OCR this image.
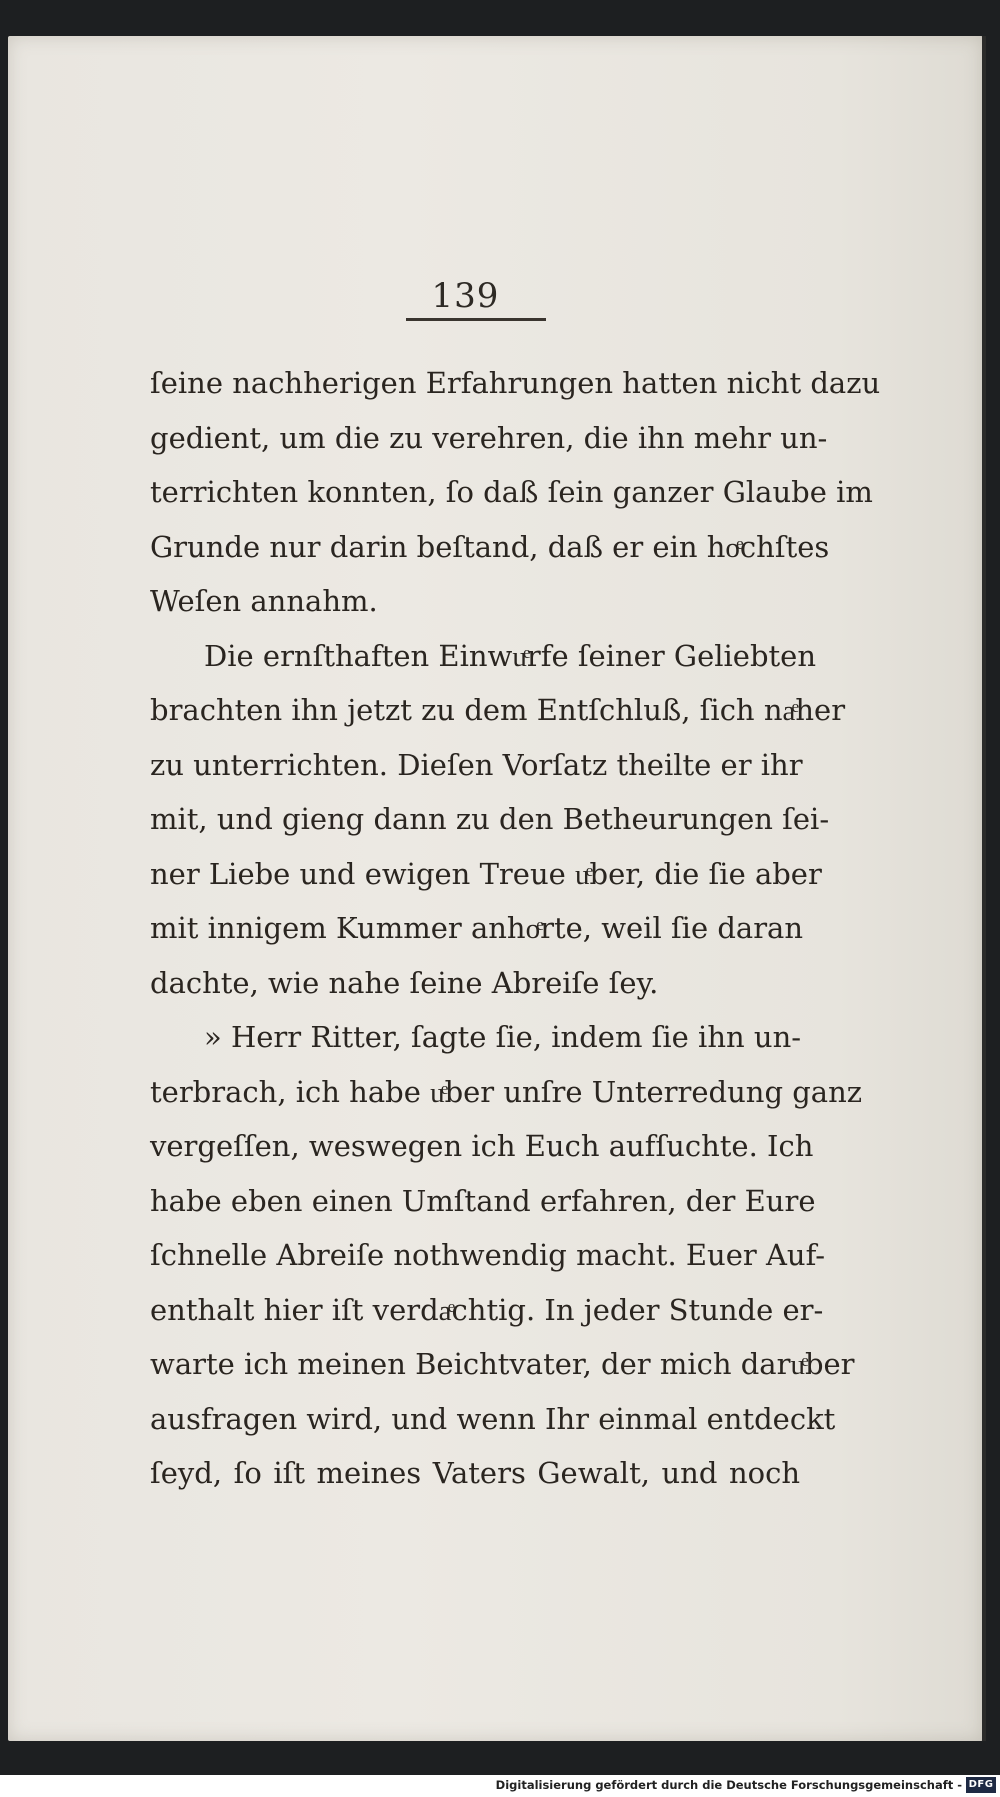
139
ſeine nachherigen Erfahrungen hatten nicht dazu
gedient, um die zu verehren, die ihn mehr un-
terrichten konnten, ſo daß ſein ganzer Glaube im
Grunde nur darin beſtand, daß er ein hoͤchſtes
Weſen annahm.
Die ernſthaften Einwuͤrfe ſeiner Geliebten
brachten ihn jetzt zu dem Entſchluß, ſich naͤher
zu unterrichten. Dieſen Vorſatz theilte er ihr
mit, und gieng dann zu den Betheurungen ſei-
ner Liebe und ewigen Treue uͤber, die ſie aber
mit innigem Kummer anhoͤrte, weil ſie daran
dachte, wie nahe ſeine Abreiſe ſey.
» Herr Ritter, ſagte ſie, indem ſie ihn un-
terbrach, ich habe uͤber unſre Unterredung ganz
vergeſſen, weswegen ich Euch aufſuchte. Ich
habe eben einen Umſtand erfahren, der Eure
ſchnelle Abreiſe nothwendig macht. Euer Auf-
enthalt hier iſt verdaͤchtig. In jeder Stunde er-
warte ich meinen Beichtvater, der mich daruͤber
ausfragen wird, und wenn Ihr einmal entdeckt
ſeyd, ſo iſt meines Vaters Gewalt, und noch
Digitalisierung gefördert durch die Deutsche Forschungsgemeinschaft - DFG
